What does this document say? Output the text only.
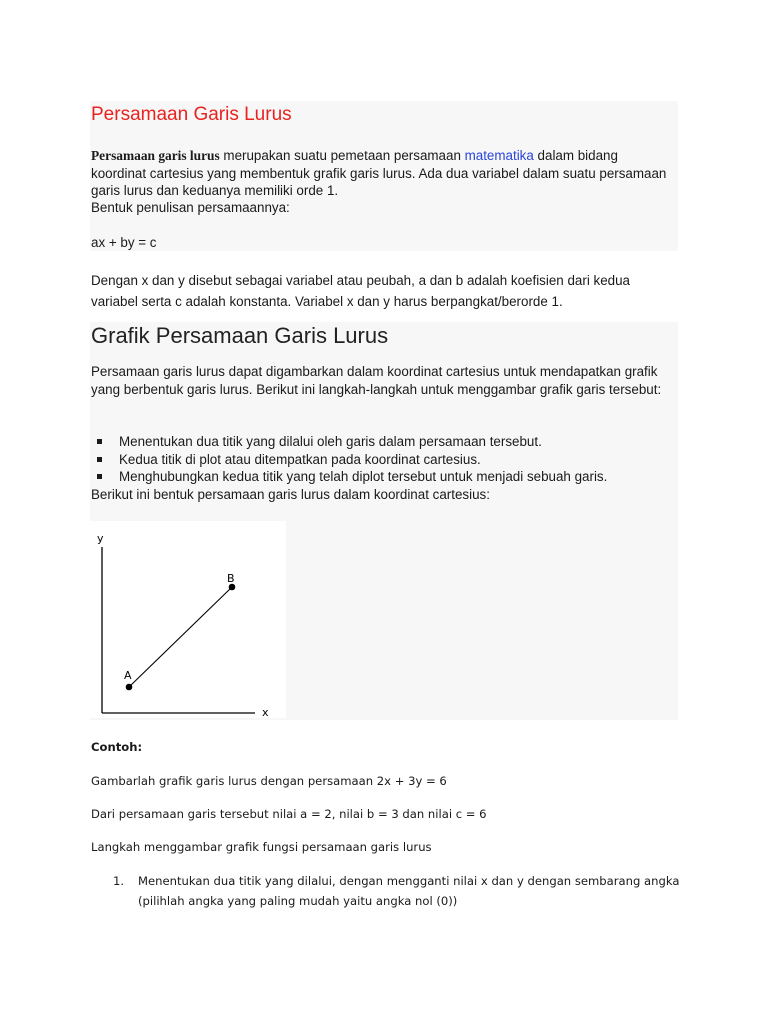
Persamaan Garis Lurus

Persamaan garis lurus merupakan suatu pemetaan persamaan matematika dalam bidang koordinat cartesius yang membentuk grafik garis lurus. Ada dua variabel dalam suatu persamaan garis lurus dan keduanya memiliki orde 1.

Bentuk penulisan persamaannya:

ax + by = c

Dengan x dan y disebut sebagai variabel atau peubah, a dan b adalah koefisien dari kedua variabel serta c adalah konstanta. Variabel x dan y harus berpangkat/berorde 1.

Grafik Persamaan Garis Lurus

Persamaan garis lurus dapat digambarkan dalam koordinat cartesius untuk mendapatkan grafik yang berbentuk garis lurus. Berikut ini langkah-langkah untuk menggambar grafik garis tersebut:

Menentukan dua titik yang dilalui oleh garis dalam persamaan tersebut.
Kedua titik di plot atau ditempatkan pada koordinat cartesius.
Menghubungkan kedua titik yang telah diplot tersebut untuk menjadi sebuah garis.

Berikut ini bentuk persamaan garis lurus dalam koordinat cartesius:

y
x
A
B

Contoh:

Gambarlah grafik garis lurus dengan persamaan 2x + 3y = 6

Dari persamaan garis tersebut nilai a = 2, nilai b = 3 dan nilai c = 6

Langkah menggambar grafik fungsi persamaan garis lurus

1. Menentukan dua titik yang dilalui, dengan mengganti nilai x dan y dengan sembarang angka (pilihlah angka yang paling mudah yaitu angka nol (0))
